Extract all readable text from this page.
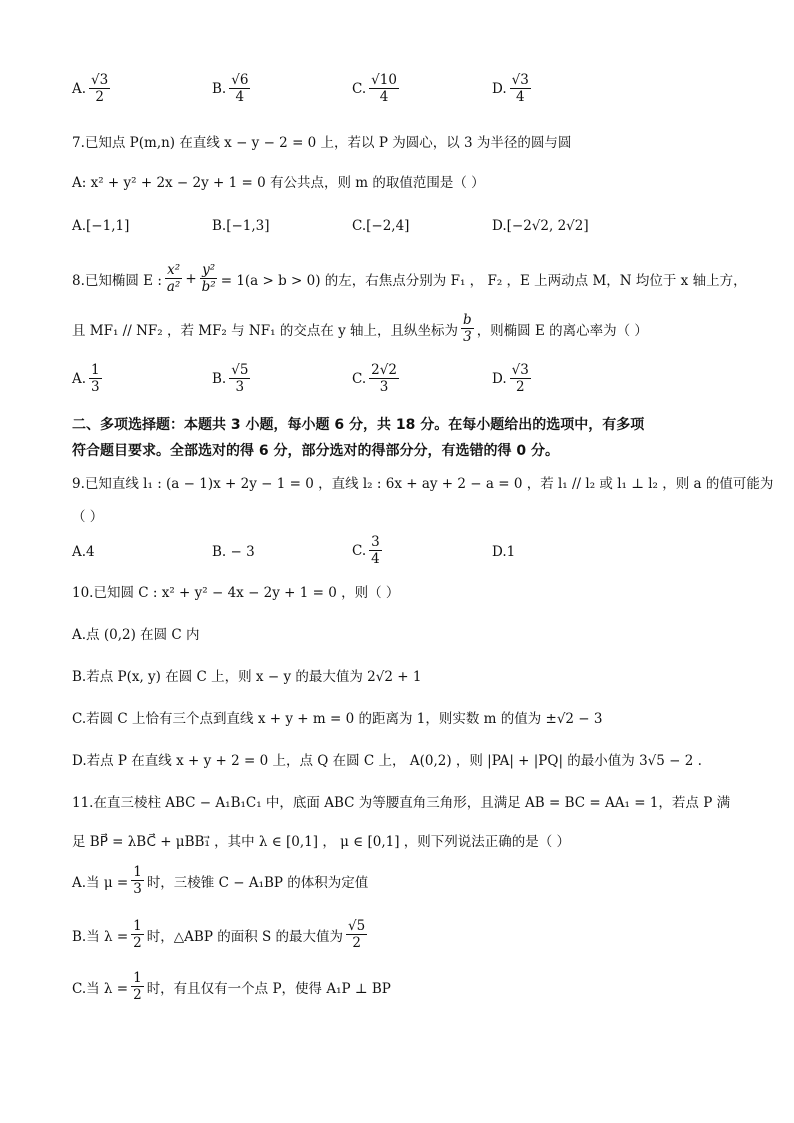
A. $\frac{√3}{2}$	B. $\frac{√6}{4}$	C. $\frac{√10}{4}$	D. $\frac{√3}{4}$
7.已知点 P(m,n) 在直线 x − y − 2 = 0 上，若以 P 为圆心，以 3 为半径的圆与圆
A: x² + y² + 2x − 2y + 1 = 0 有公共点，则 m 的取值范围是（ ）
A.[−1,1]	B.[−1,3]	C.[−2,4]	D.[−2√2, 2√2]
8.已知椭圆 E : $\frac{\text{x²}}{\text{a²}} + \frac{\text{y²}}{\text{b²}} = 1(a > b > 0)$ 的左，右焦点分别为 F₁ ， F₂ ，E 上两动点 M，N 均位于 x 轴上方，
且 MF₁ // NF₂ ，若 MF₂ 与 NF₁ 的交点在 y 轴上，且纵坐标为 $\frac{b}{3}$ ，则椭圆 E 的离心率为（ ）
A. $\frac{1}{3}$	B. $\frac{√5}{3}$	C. $\frac{2√2}{3}$	D. $\frac{√3}{2}$
二、多项选择题：本题共 3 小题，每小题 6 分，共 18 分。在每小题给出的选项中，有多项
符合题目要求。全部选对的得 6 分，部分选对的得部分分，有选错的得 0 分。
9.已知直线 l₁ : (a − 1)x + 2y − 1 = 0 ，直线 l₂ : 6x + ay + 2 − a = 0 ，若 l₁ // l₂ 或 l₁ ⊥ l₂ ，则 a 的值可能为
（ ）
A.4	B. − 3	C. $\frac{3}{4}$	D.1
10.已知圆 C : x² + y² − 4x − 2y + 1 = 0 ，则（ ）
A.点 (0,2) 在圆 C 内
B.若点 P(x, y) 在圆 C 上，则 x − y 的最大值为 2√2 + 1
C.若圆 C 上恰有三个点到直线 x + y + m = 0 的距离为 1，则实数 m 的值为 ±√2 − 3
D.若点 P 在直线 x + y + 2 = 0 上，点 Q 在圆 C 上， A(0,2) ，则 |PA| + |PQ| 的最小值为 3√5 − 2 .
11.在直三棱柱 ABC − A₁B₁C₁ 中，底面 ABC 为等腰直角三角形，且满足 AB = BC = AA₁ = 1，若点 P 满
足 BP⃗ = λBC⃗ + μBB₁⃗ ，其中 λ ∈ [0,1] ， μ ∈ [0,1] ，则下列说法正确的是（ ）
A.当 $\mu = \frac{1}{3}$ 时，三棱锥 C − A₁BP 的体积为定值
B.当 $\lambda = \frac{1}{2}$ 时，△ABP 的面积 S 的最大值为 $\frac{√5}{2}$
C.当 $\lambda = \frac{1}{2}$ 时，有且仅有一个点 P，使得 A₁P ⊥ BP
